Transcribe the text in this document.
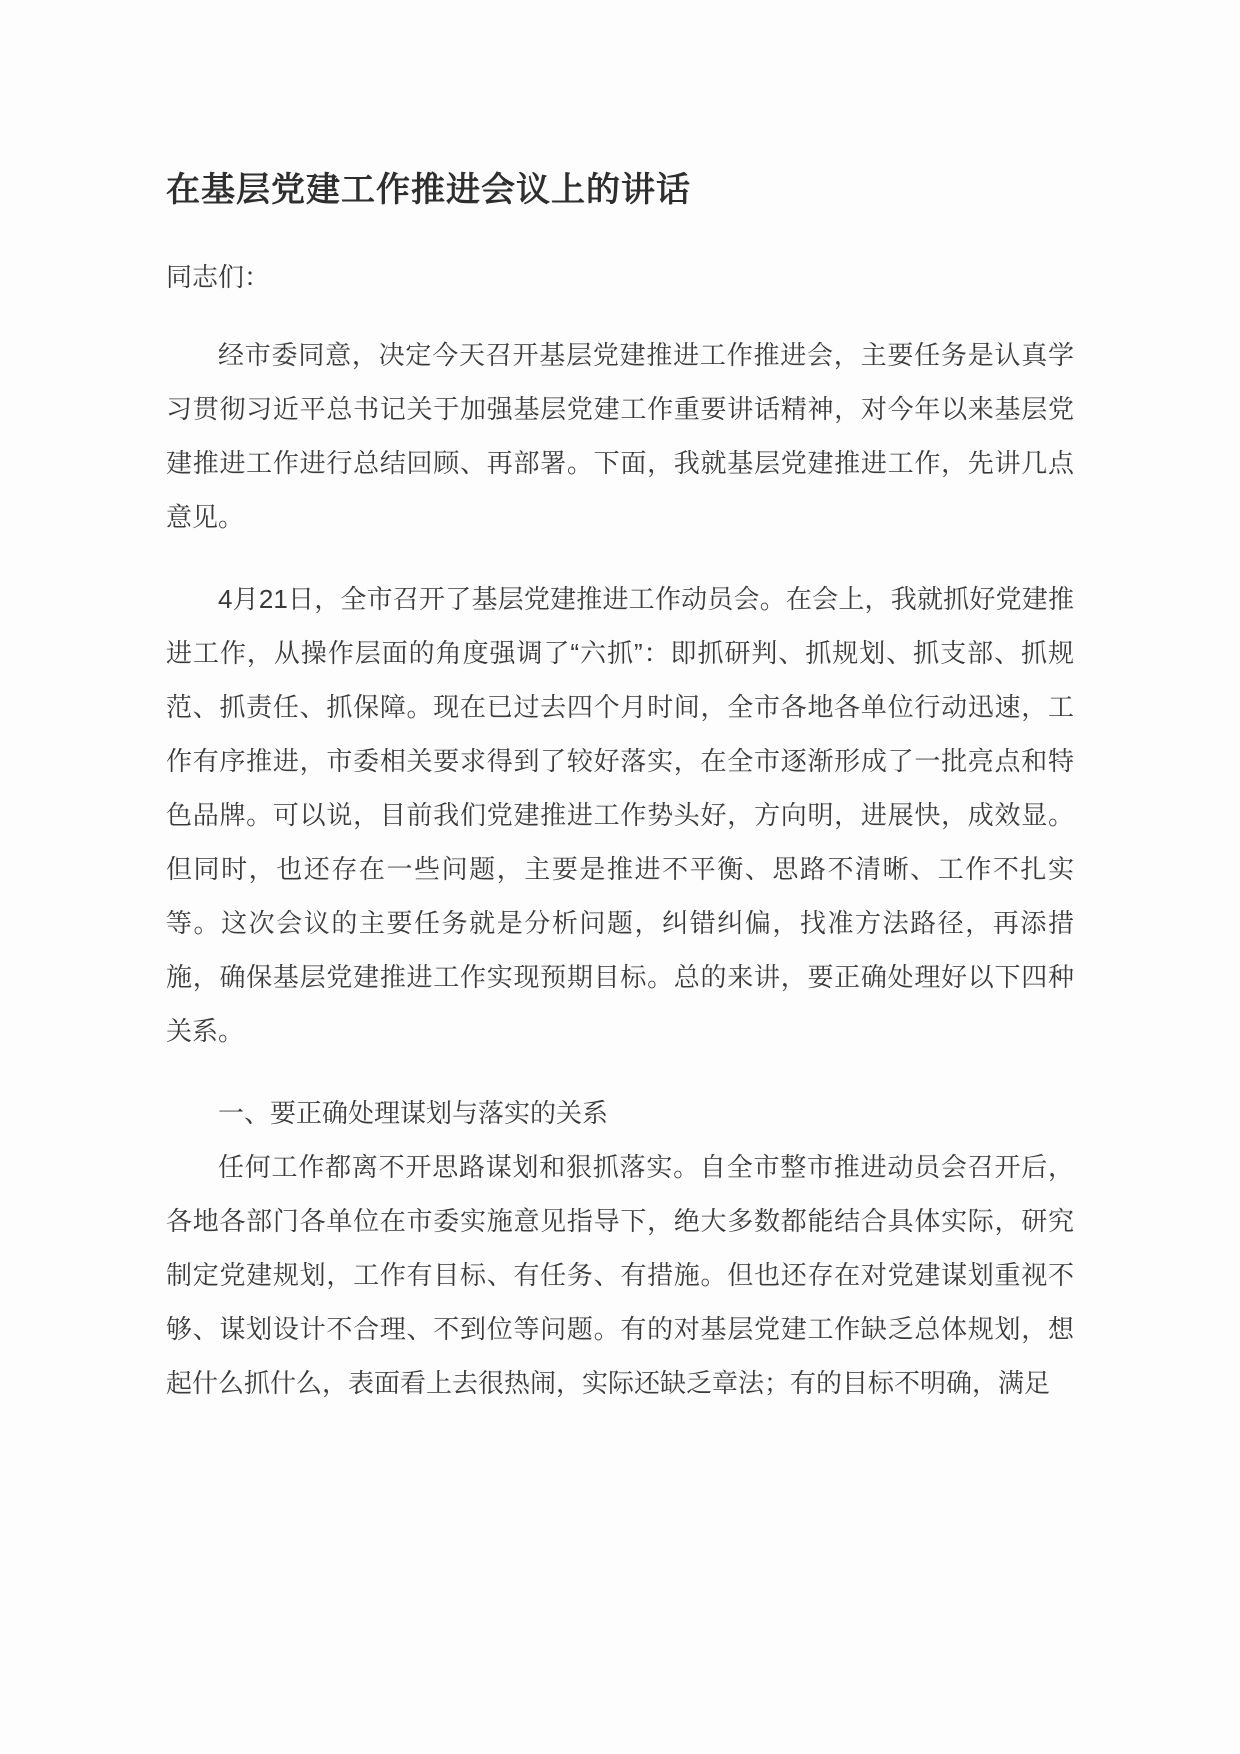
在基层党建工作推进会议上的讲话

同志们：

经市委同意，决定今天召开基层党建推进工作推进会，主要任务是认真学习贯彻习近平总书记关于加强基层党建工作重要讲话精神，对今年以来基层党建推进工作进行总结回顾、再部署。下面，我就基层党建推进工作，先讲几点意见。

4月21日，全市召开了基层党建推进工作动员会。在会上，我就抓好党建推进工作，从操作层面的角度强调了“六抓”：即抓研判、抓规划、抓支部、抓规范、抓责任、抓保障。现在已过去四个月时间，全市各地各单位行动迅速，工作有序推进，市委相关要求得到了较好落实，在全市逐渐形成了一批亮点和特色品牌。可以说，目前我们党建推进工作势头好，方向明，进展快，成效显。但同时，也还存在一些问题，主要是推进不平衡、思路不清晰、工作不扎实等。这次会议的主要任务就是分析问题，纠错纠偏，找准方法路径，再添措施，确保基层党建推进工作实现预期目标。总的来讲，要正确处理好以下四种关系。

一、要正确处理谋划与落实的关系

任何工作都离不开思路谋划和狠抓落实。自全市整市推进动员会召开后，各地各部门各单位在市委实施意见指导下，绝大多数都能结合具体实际，研究制定党建规划，工作有目标、有任务、有措施。但也还存在对党建谋划重视不够、谋划设计不合理、不到位等问题。有的对基层党建工作缺乏总体规划，想起什么抓什么，表面看上去很热闹，实际还缺乏章法；有的目标不明确，满足
